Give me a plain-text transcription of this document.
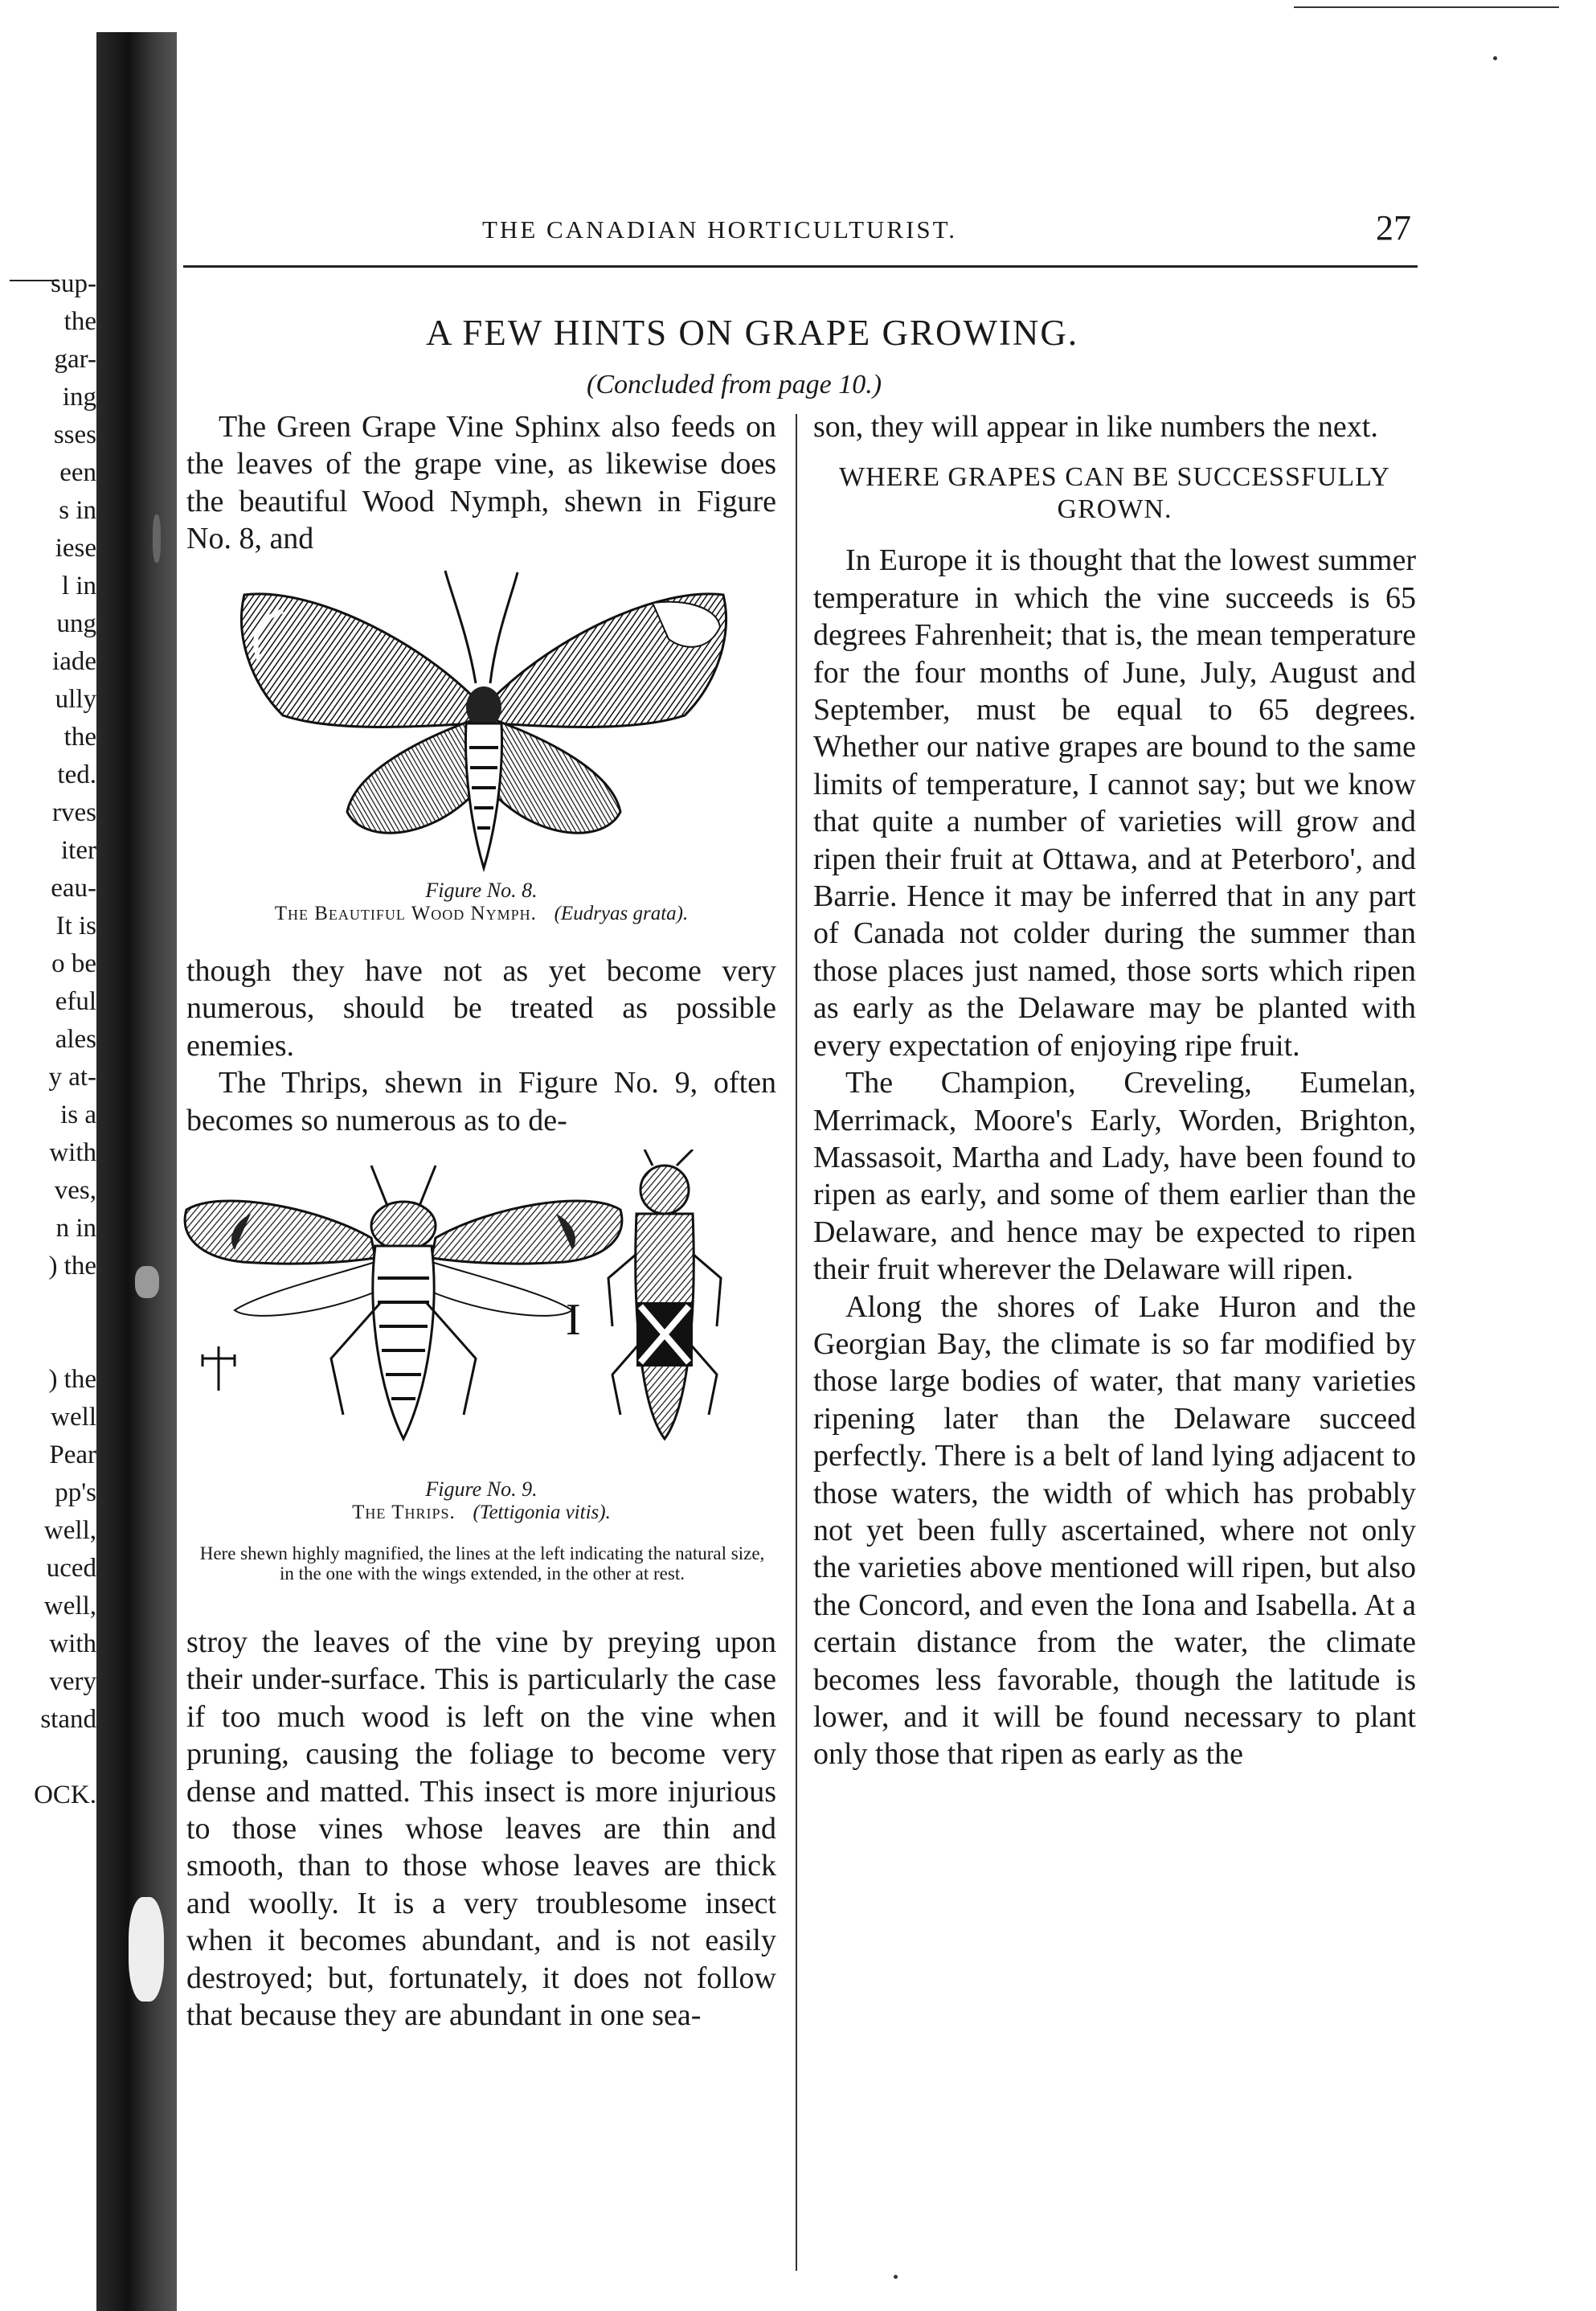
sup-
the
gar-
ing
sses
een
s in
iese
l in
ung
iade
ully
the
ted.
rves
iter
eau-
It is
o be
eful
ales
y at-
is a
with
ves,
n in
) the
) the
well
Pear
pp's
well,
uced
well,
with
very
stand
OCK.
THE CANADIAN HORTICULTURIST.	27
A FEW HINTS ON GRAPE GROWING.
(Concluded from page 10.)

The Green Grape Vine Sphinx also feeds on the leaves of the grape vine, as likewise does the beautiful Wood Nymph, shewn in Figure No. 8, and

Figure No. 8.
The Beautiful Wood Nymph. (Eudryas grata).

though they have not as yet become very numerous, should be treated as possible enemies.

The Thrips, shewn in Figure No. 9, often becomes so numerous as to de-

I
Figure No. 9.
The Thrips. (Tettigonia vitis).
Here shewn highly magnified, the lines at the left indicating the natural size, in the one with the wings extended, in the other at rest.

stroy the leaves of the vine by preying upon their under-surface. This is particularly the case if too much wood is left on the vine when pruning, causing the foliage to become very dense and matted. This insect is more injurious to those vines whose leaves are thin and smooth, than to those whose leaves are thick and woolly. It is a very troublesome insect when it becomes abundant, and is not easily destroyed; but, fortunately, it does not follow that because they are abundant in one sea-

son, they will appear in like numbers the next.

WHERE GRAPES CAN BE SUCCESSFULLY GROWN.

In Europe it is thought that the lowest summer temperature in which the vine succeeds is 65 degrees Fahrenheit; that is, the mean temperature for the four months of June, July, August and September, must be equal to 65 degrees. Whether our native grapes are bound to the same limits of temperature, I cannot say; but we know that quite a number of varieties will grow and ripen their fruit at Ottawa, and at Peterboro', and Barrie. Hence it may be inferred that in any part of Canada not colder during the summer than those places just named, those sorts which ripen as early as the Delaware may be planted with every expectation of enjoying ripe fruit.

The Champion, Creveling, Eumelan, Merrimack, Moore's Early, Worden, Brighton, Massasoit, Martha and Lady, have been found to ripen as early, and some of them earlier than the Delaware, and hence may be expected to ripen their fruit wherever the Delaware will ripen.

Along the shores of Lake Huron and the Georgian Bay, the climate is so far modified by those large bodies of water, that many varieties ripening later than the Delaware succeed perfectly. There is a belt of land lying adjacent to those waters, the width of which has probably not yet been fully ascertained, where not only the varieties above mentioned will ripen, but also the Concord, and even the Iona and Isabella. At a certain distance from the water, the climate becomes less favorable, though the latitude is lower, and it will be found necessary to plant only those that ripen as early as the
